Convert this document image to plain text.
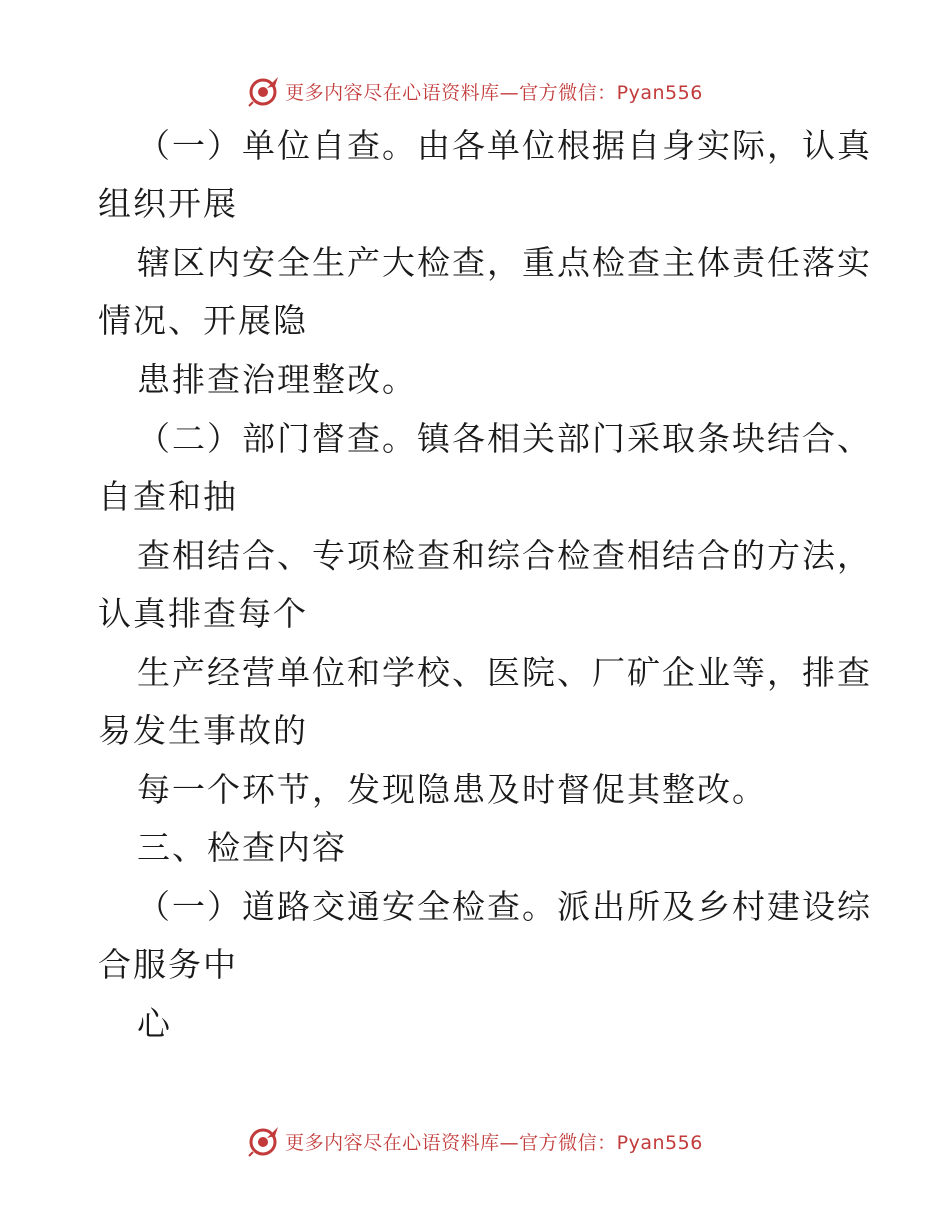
更多内容尽在心语资料库—官方微信：Pyan556
（一）单位自查。由各单位根据自身实际，认真
组织开展
辖区内安全生产大检查，重点检查主体责任落实
情况、开展隐
患排查治理整改。
（二）部门督查。镇各相关部门采取条块结合、
自查和抽
查相结合、专项检查和综合检查相结合的方法，
认真排查每个
生产经营单位和学校、医院、厂矿企业等，排查
易发生事故的
每一个环节，发现隐患及时督促其整改。
三、检查内容
（一）道路交通安全检查。派出所及乡村建设综
合服务中
心
更多内容尽在心语资料库—官方微信：Pyan556
